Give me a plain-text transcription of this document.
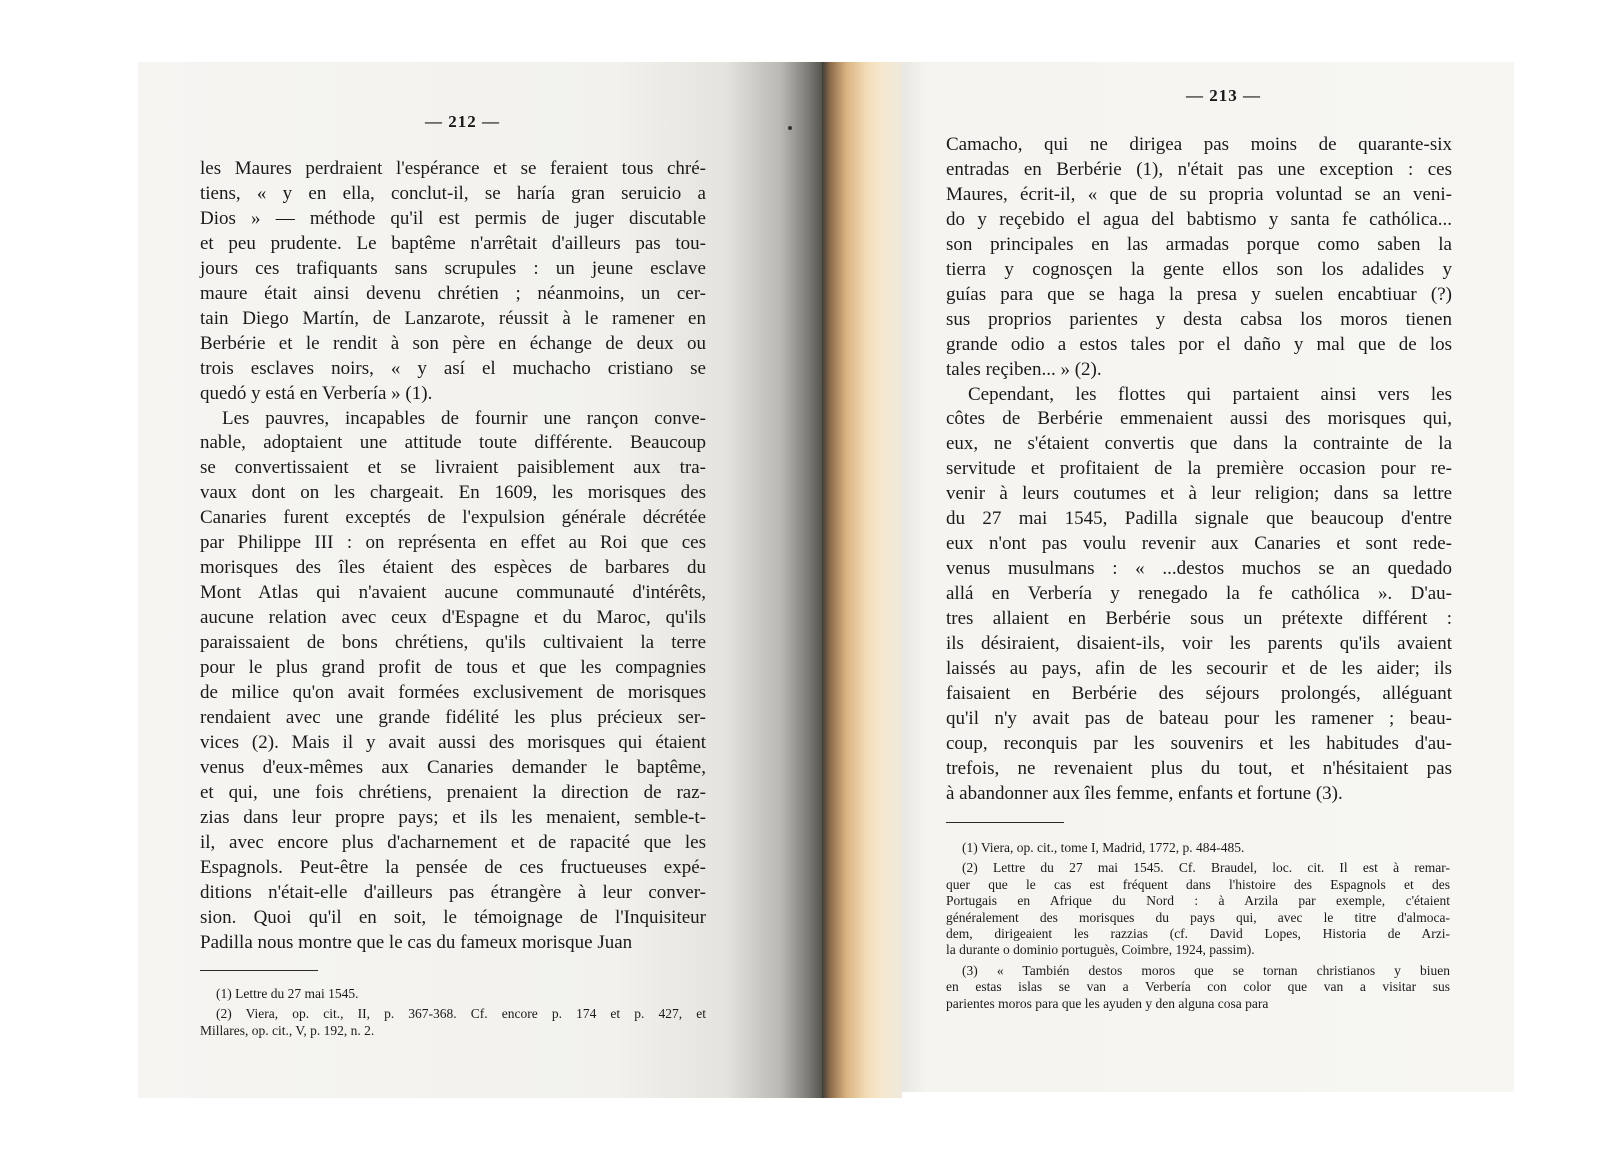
— 212 —
— 213 —
les Maures perdraient l'espérance et se feraient tous chré-
tiens, « y en ella, conclut-il, se haría gran seruicio a
Dios » — méthode qu'il est permis de juger discutable
et peu prudente. Le baptême n'arrêtait d'ailleurs pas tou-
jours ces trafiquants sans scrupules : un jeune esclave
maure était ainsi devenu chrétien ; néanmoins, un cer-
tain Diego Martín, de Lanzarote, réussit à le ramener en
Berbérie et le rendit à son père en échange de deux ou
trois esclaves noirs, « y así el muchacho cristiano se
quedó y está en Verbería » (1).
Les pauvres, incapables de fournir une rançon conve-
nable, adoptaient une attitude toute différente. Beaucoup
se convertissaient et se livraient paisiblement aux tra-
vaux dont on les chargeait. En 1609, les morisques des
Canaries furent exceptés de l'expulsion générale décrétée
par Philippe III : on représenta en effet au Roi que ces
morisques des îles étaient des espèces de barbares du
Mont Atlas qui n'avaient aucune communauté d'intérêts,
aucune relation avec ceux d'Espagne et du Maroc, qu'ils
paraissaient de bons chrétiens, qu'ils cultivaient la terre
pour le plus grand profit de tous et que les compagnies
de milice qu'on avait formées exclusivement de morisques
rendaient avec une grande fidélité les plus précieux ser-
vices (2). Mais il y avait aussi des morisques qui étaient
venus d'eux-mêmes aux Canaries demander le baptême,
et qui, une fois chrétiens, prenaient la direction de raz-
zias dans leur propre pays; et ils les menaient, semble-t-
il, avec encore plus d'acharnement et de rapacité que les
Espagnols. Peut-être la pensée de ces fructueuses expé-
ditions n'était-elle d'ailleurs pas étrangère à leur conver-
sion. Quoi qu'il en soit, le témoignage de l'Inquisiteur
Padilla nous montre que le cas du fameux morisque Juan
Camacho, qui ne dirigea pas moins de quarante-six
entradas en Berbérie (1), n'était pas une exception : ces
Maures, écrit-il, « que de su propria voluntad se an veni-
do y reçebido el agua del babtismo y santa fe cathólica...
son principales en las armadas porque como saben la
tierra y cognosçen la gente ellos son los adalides y
guías para que se haga la presa y suelen encabtiuar (?)
sus proprios parientes y desta cabsa los moros tienen
grande odio a estos tales por el daño y mal que de los
tales reçiben... » (2).
Cependant, les flottes qui partaient ainsi vers les
côtes de Berbérie emmenaient aussi des morisques qui,
eux, ne s'étaient convertis que dans la contrainte de la
servitude et profitaient de la première occasion pour re-
venir à leurs coutumes et à leur religion; dans sa lettre
du 27 mai 1545, Padilla signale que beaucoup d'entre
eux n'ont pas voulu revenir aux Canaries et sont rede-
venus musulmans : « ...destos muchos se an quedado
allá en Verbería y renegado la fe cathólica ». D'au-
tres allaient en Berbérie sous un prétexte différent :
ils désiraient, disaient-ils, voir les parents qu'ils avaient
laissés au pays, afin de les secourir et de les aider; ils
faisaient en Berbérie des séjours prolongés, alléguant
qu'il n'y avait pas de bateau pour les ramener ; beau-
coup, reconquis par les souvenirs et les habitudes d'au-
trefois, ne revenaient plus du tout, et n'hésitaient pas
à abandonner aux îles femme, enfants et fortune (3).
(1) Lettre du 27 mai 1545.
(2) Viera, op. cit., II, p. 367-368. Cf. encore p. 174 et p. 427, et
Millares, op. cit., V, p. 192, n. 2.
(1) Viera, op. cit., tome I, Madrid, 1772, p. 484-485.
(2) Lettre du 27 mai 1545. Cf. Braudel, loc. cit. Il est à remar-
quer que le cas est fréquent dans l'histoire des Espagnols et des
Portugais en Afrique du Nord : à Arzila par exemple, c'étaient
généralement des morisques du pays qui, avec le titre d'almoca-
dem, dirigeaient les razzias (cf. David Lopes, Historia de Arzi-
la durante o dominio portuguès, Coimbre, 1924, passim).
(3) « También destos moros que se tornan christianos y biuen
en estas islas se van a Verbería con color que van a visitar sus
parientes moros para que les ayuden y den alguna cosa para
